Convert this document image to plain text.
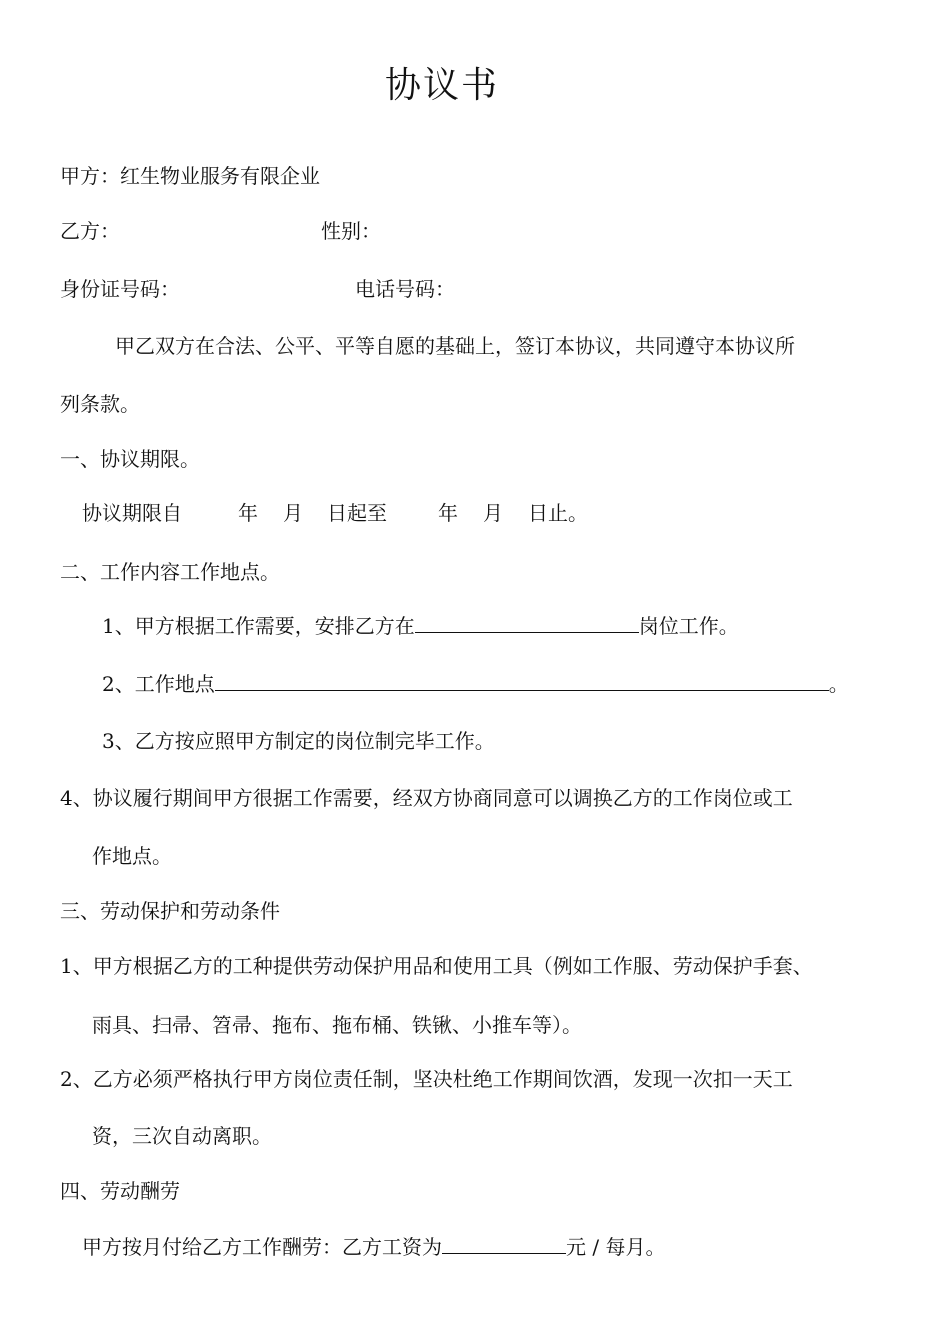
协议书
甲方：红生物业服务有限企业
乙方：	性别：
身份证号码：	电话号码：
甲乙双方在合法、公平、平等自愿的基础上，签订本协议，共同遵守本协议所
列条款。
一、协议期限。
协议期限自	年 月 日起至	年 月 日止。
二、工作内容工作地点。
1、甲方根据工作需要，安排乙方在	岗位工作。
2、工作地点	。
3、乙方按应照甲方制定的岗位制完毕工作。
4、协议履行期间甲方很据工作需要，经双方协商同意可以调换乙方的工作岗位或工
作地点。
三、劳动保护和劳动条件
1、甲方根据乙方的工种提供劳动保护用品和使用工具（例如工作服、劳动保护手套、
雨具、扫帚、笤帚、拖布、拖布桶、铁锹、小推车等）。
2、乙方必须严格执行甲方岗位责任制，坚决杜绝工作期间饮酒，发现一次扣一天工
资，三次自动离职。
四、劳动酬劳
甲方按月付给乙方工作酬劳：乙方工资为	元 / 每月。
